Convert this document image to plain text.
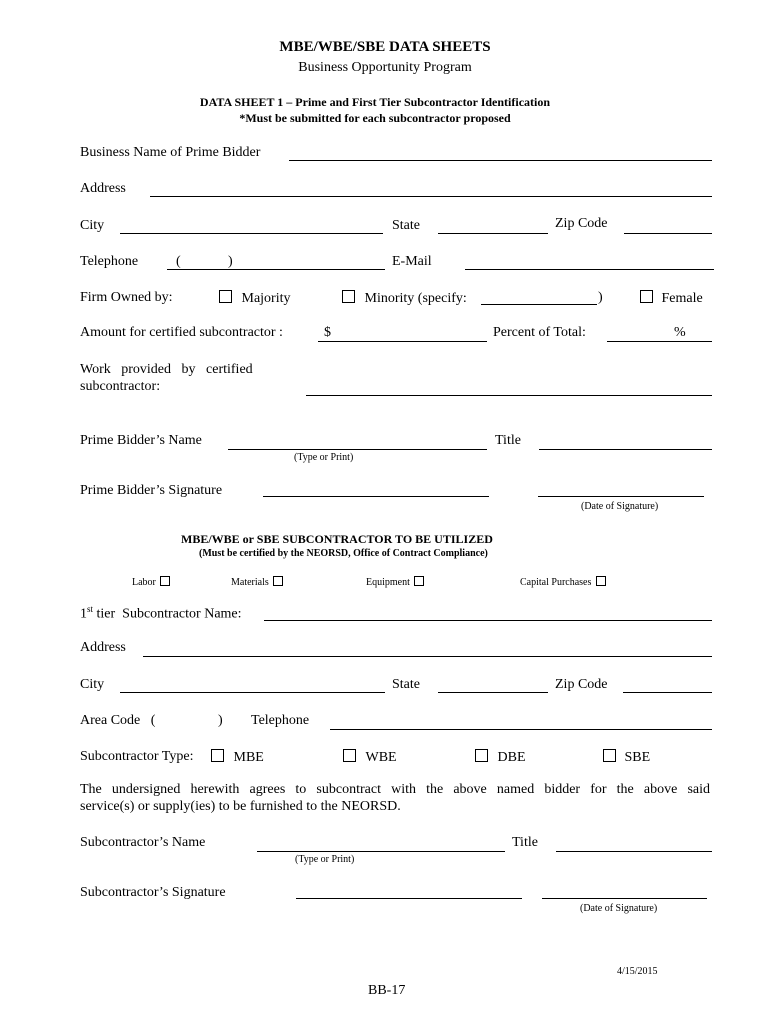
MBE/WBE/SBE DATA SHEETS
Business Opportunity Program
DATA SHEET 1 – Prime and First Tier Subcontractor Identification
*Must be submitted for each subcontractor proposed
Business Name of Prime Bidder
Address
City	State	Zip Code
Telephone	(	)	E-Mail
Firm Owned by:	Majority	Minority (specify:	)	Female
Amount for certified subcontractor :	$	Percent of Total:	%
Work   provided   by   certified
subcontractor:
Prime Bidder’s Name
(Type or Print)
Title
Prime Bidder’s Signature
(Date of Signature)
MBE/WBE or SBE SUBCONTRACTOR TO BE UTILIZED
(Must be certified by the NEORSD, Office of Contract Compliance)
Labor	Materials	Equipment	Capital Purchases
1st tier  Subcontractor Name:
Address
City	State	Zip Code
Area Code   (	) Telephone
Subcontractor Type:	MBE	WBE	DBE	SBE
The undersigned herewith agrees to subcontract with the above named bidder for the above said
service(s) or supply(ies) to be furnished to the NEORSD.
Subcontractor’s Name
(Type or Print)
Title
Subcontractor’s Signature
(Date of Signature)
4/15/2015
BB-17
